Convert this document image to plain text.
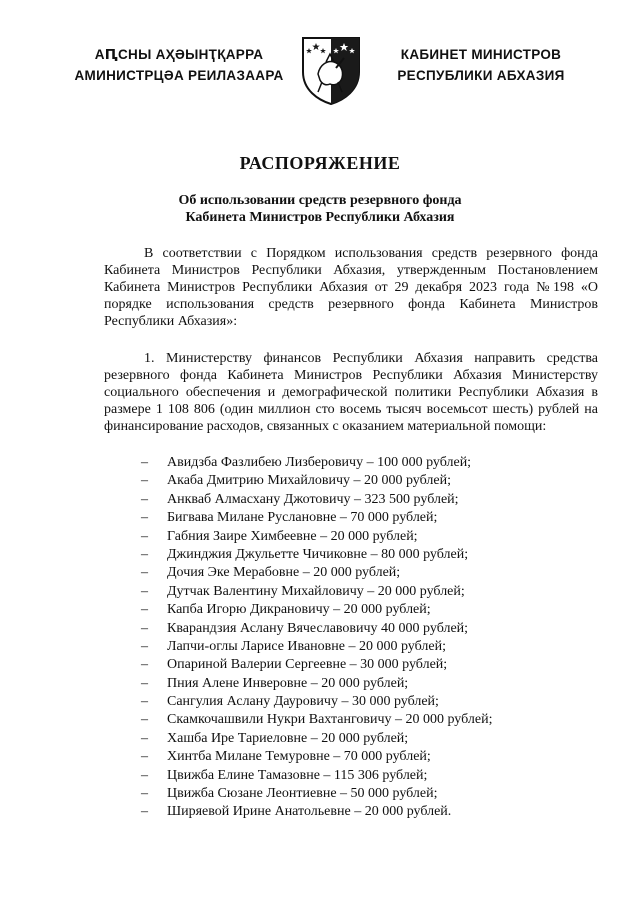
АԤСНЫ АҲӘЫНҬҚАРРА
АМИНИСТРЦӘА РЕИЛАЗААРА
КАБИНЕТ МИНИСТРОВ
РЕСПУБЛИКИ АБХАЗИЯ
РАСПОРЯЖЕНИЕ
Об использовании средств резервного фонда
Кабинета Министров Республики Абхазия

В соответствии с Порядком использования средств резервного фонда Кабинета Министров Республики Абхазия, утвержденным Постановлением Кабинета Министров Республики Абхазия от 29 декабря 2023 года №198 «О порядке использования средств резервного фонда Кабинета Министров Республики Абхазия»:

1. Министерству финансов Республики Абхазия направить средства резервного фонда Кабинета Министров Республики Абхазия Министерству социального обеспечения и демографической политики Республики Абхазия в размере 1 108 806 (один миллион сто восемь тысяч восемьсот шесть) рублей на финансирование расходов, связанных с оказанием материальной помощи:

– Авидзба Фазлибею Лизберовичу – 100 000 рублей;
– Акаба Дмитрию Михайловичу – 20 000 рублей;
– Анкваб Алмасхану Джотовичу – 323 500 рублей;
– Бигвава Милане Руслановне – 70 000 рублей;
– Габния Заире Химбеевне – 20 000 рублей;
– Джинджия Джульетте Чичиковне – 80 000 рублей;
– Дочия Эке Мерабовне – 20 000 рублей;
– Дутчак Валентину Михайловичу – 20 000 рублей;
– Капба Игорю Дикрановичу – 20 000 рублей;
– Кварандзия Аслану Вячеславовичу 40 000 рублей;
– Лапчи-оглы Ларисе Ивановне – 20 000 рублей;
– Опариной Валерии Сергеевне – 30 000 рублей;
– Пния Алене Инверовне – 20 000 рублей;
– Сангулия Аслану Дауровичу – 30 000 рублей;
– Скамкочашвили Нукри Вахтанговичу – 20 000 рублей;
– Хашба Ире Тариеловне – 20 000 рублей;
– Хинтба Милане Темуровне – 70 000 рублей;
– Цвижба Елине Тамазовне – 115 306 рублей;
– Цвижба Сюзане Леонтиевне – 50 000 рублей;
– Ширяевой Ирине Анатольевне – 20 000 рублей.
